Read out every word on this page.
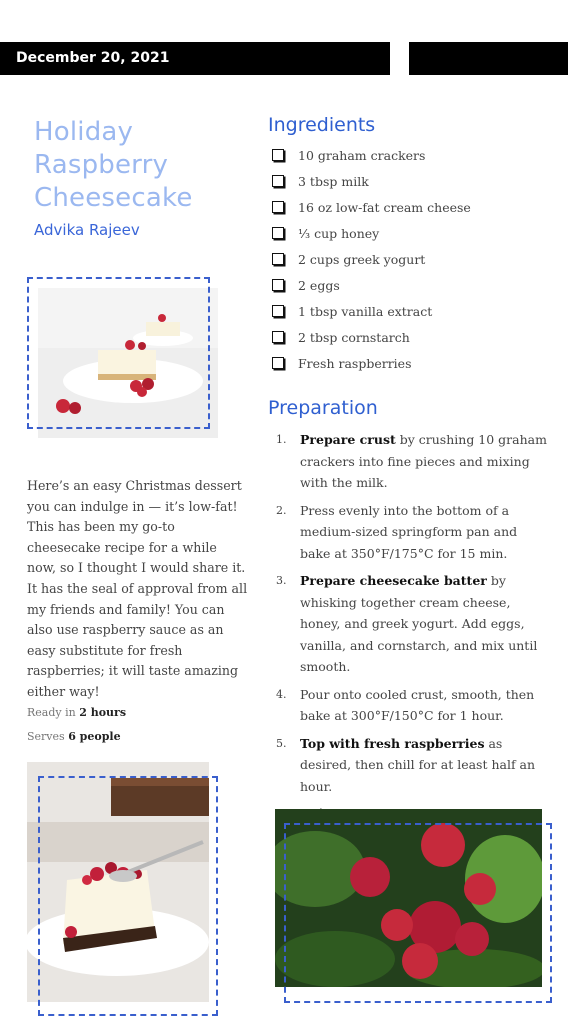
December 20, 2021
Holiday Raspberry Cheesecake
Advika Rajeev

Here’s an easy Christmas dessert you can indulge in — it’s low-fat! This has been my go-to cheesecake recipe for a while now, so I thought I would share it. It has the seal of approval from all my friends and family! You can also use raspberry sauce as an easy substitute for fresh raspberries; it will taste amazing either way!

Ready in 2 hours
Serves 6 people
Ingredients
10 graham crackers
3 tbsp milk
16 oz low-fat cream cheese
⅓ cup honey
2 cups greek yogurt
2 eggs
1 tbsp vanilla extract
2 tbsp cornstarch
Fresh raspberries
Preparation
1. Prepare crust by crushing 10 graham crackers into fine pieces and mixing with the milk.
2. Press evenly into the bottom of a medium-sized springform pan and bake at 350°F/175°C for 15 min.
3. Prepare cheesecake batter by whisking together cream cheese, honey, and greek yogurt. Add eggs, vanilla, and cornstarch, and mix until smooth.
4. Pour onto cooled crust, smooth, then bake at 300°F/150°C for 1 hour.
5. Top with fresh raspberries as desired, then chill for at least half an hour.
